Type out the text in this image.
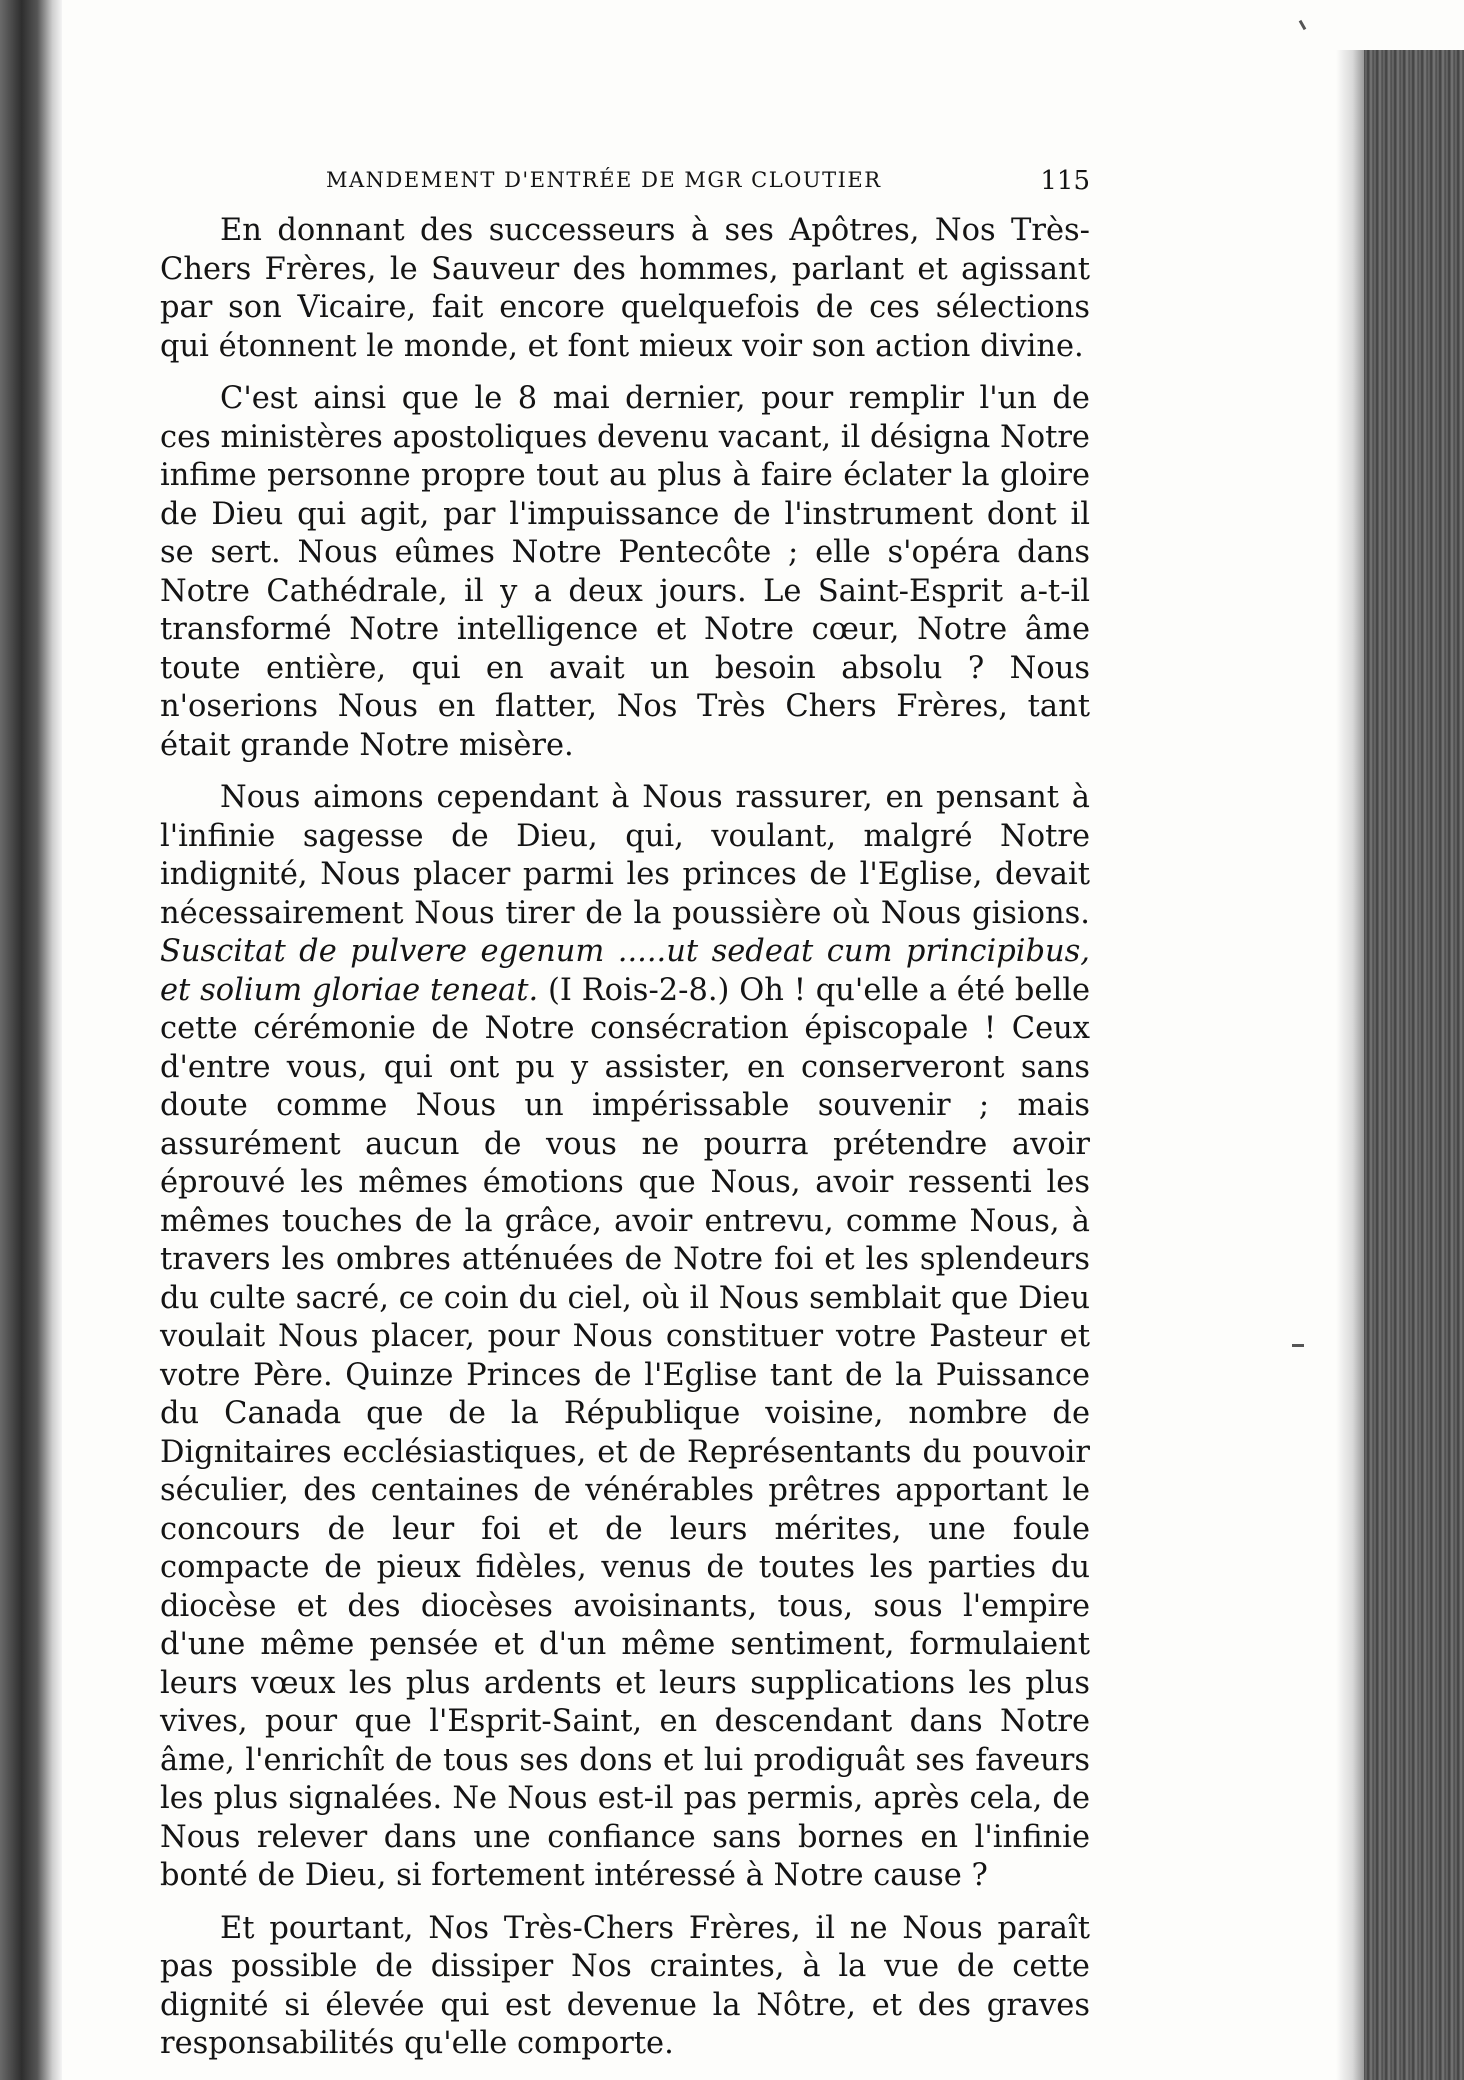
MANDEMENT D'ENTRÉE DE MGR CLOUTIER	115

En donnant des successeurs à ses Apôtres, Nos Très-Chers Frères, le Sauveur des hommes, parlant et agissant par son Vicaire, fait encore quelquefois de ces sélections qui étonnent le monde, et font mieux voir son action divine.

C'est ainsi que le 8 mai dernier, pour remplir l'un de ces ministères apostoliques devenu vacant, il désigna Notre infime personne propre tout au plus à faire éclater la gloire de Dieu qui agit, par l'impuissance de l'instrument dont il se sert. Nous eûmes Notre Pentecôte ; elle s'opéra dans Notre Cathédrale, il y a deux jours. Le Saint-Esprit a-t-il transformé Notre intelligence et Notre cœur, Notre âme toute entière, qui en avait un besoin absolu ? Nous n'oserions Nous en flatter, Nos Très Chers Frères, tant était grande Notre misère.

Nous aimons cependant à Nous rassurer, en pensant à l'infinie sagesse de Dieu, qui, voulant, malgré Notre indignité, Nous placer parmi les princes de l'Eglise, devait nécessairement Nous tirer de la poussière où Nous gisions. Suscitat de pulvere egenum .....ut sedeat cum principibus, et solium gloriae teneat. (I Rois-2-8.) Oh ! qu'elle a été belle cette cérémonie de Notre consécration épiscopale ! Ceux d'entre vous, qui ont pu y assister, en conserveront sans doute comme Nous un impérissable souvenir ; mais assurément aucun de vous ne pourra prétendre avoir éprouvé les mêmes émotions que Nous, avoir ressenti les mêmes touches de la grâce, avoir entrevu, comme Nous, à travers les ombres atténuées de Notre foi et les splendeurs du culte sacré, ce coin du ciel, où il Nous semblait que Dieu voulait Nous placer, pour Nous constituer votre Pasteur et votre Père. Quinze Princes de l'Eglise tant de la Puissance du Canada que de la République voisine, nombre de Dignitaires ecclésiastiques, et de Représentants du pouvoir séculier, des centaines de vénérables prêtres apportant le concours de leur foi et de leurs mérites, une foule compacte de pieux fidèles, venus de toutes les parties du diocèse et des diocèses avoisinants, tous, sous l'empire d'une même pensée et d'un même sentiment, formulaient leurs vœux les plus ardents et leurs supplications les plus vives, pour que l'Esprit-Saint, en descendant dans Notre âme, l'enrichît de tous ses dons et lui prodiguât ses faveurs les plus signalées. Ne Nous est-il pas permis, après cela, de Nous relever dans une confiance sans bornes en l'infinie bonté de Dieu, si fortement intéressé à Notre cause ?

Et pourtant, Nos Très-Chers Frères, il ne Nous paraît pas possible de dissiper Nos craintes, à la vue de cette dignité si élevée qui est devenue la Nôtre, et des graves responsabilités qu'elle comporte.
